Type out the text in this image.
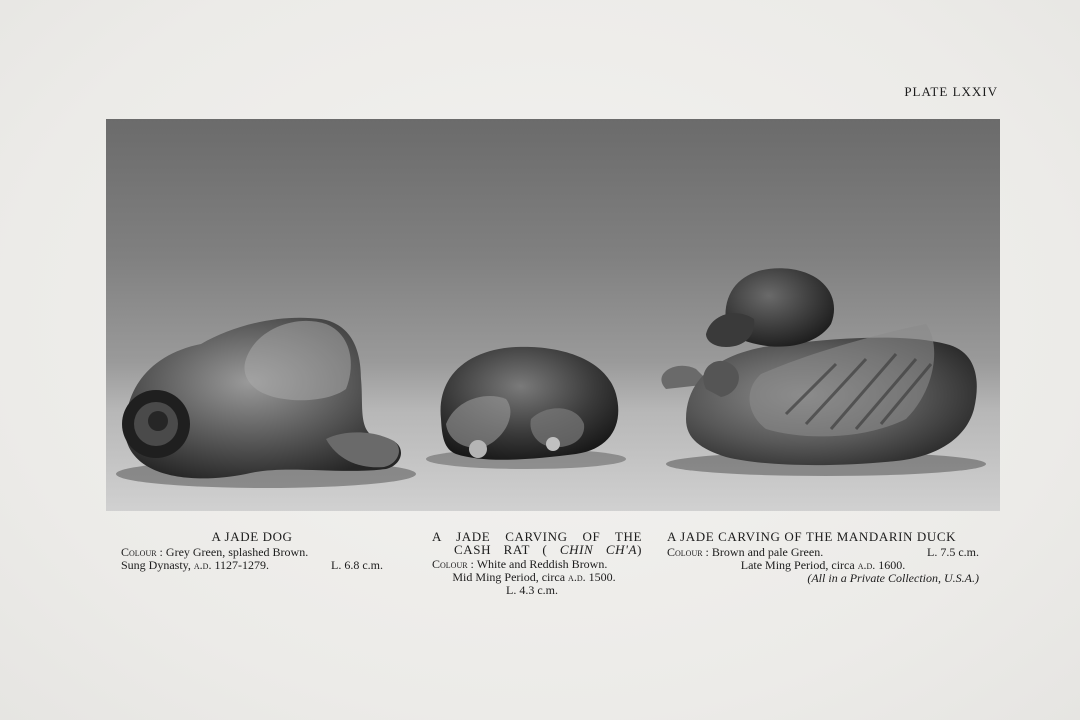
PLATE LXXIV
A JADE DOG
Colour : Grey Green, splashed Brown.
Sung Dynasty, a.d. 1127-1279.	L. 6.8 c.m.
A JADE CARVING OF THE
CASH RAT ( CHIN CH'A)
Colour : White and Reddish Brown.
Mid Ming Period, circa a.d. 1500.
L. 4.3 c.m.
A JADE CARVING OF THE MANDARIN DUCK
Colour : Brown and pale Green.	L. 7.5 c.m.
Late Ming Period, circa a.d. 1600.
(All in a Private Collection, U.S.A.)
